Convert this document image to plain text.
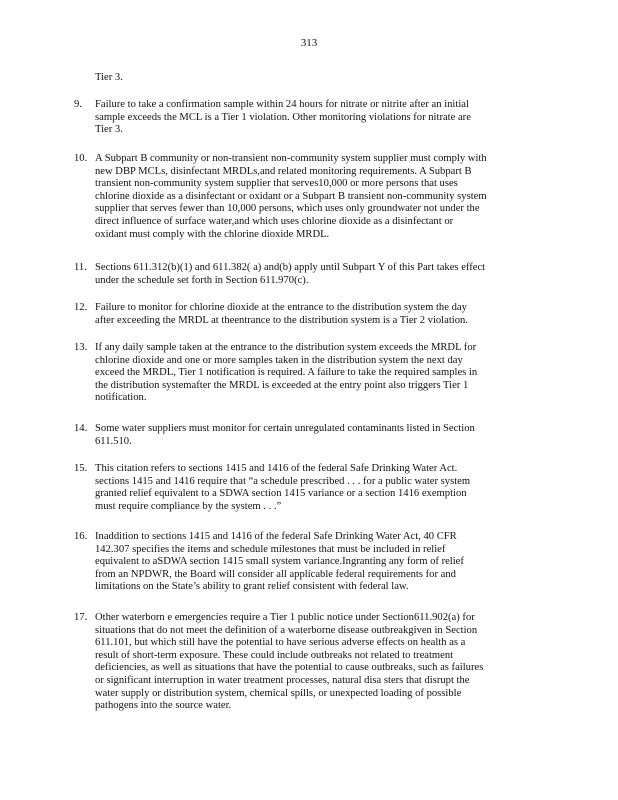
313
Tier 3.
9.	Failure to take a confirmation sample within 24 hours for nitrate or nitrite after an initial
sample exceeds the MCL is a Tier 1 violation. Other monitoring violations for nitrate are
Tier 3.
10. A Subpart B community or non-transient non-community system supplier must comply with
new DBP MCLs, disinfectant MRDLs,and related monitoring requirements. A Subpart B
transient non-community system supplier that serves10,000 or more persons that uses
chlorine dioxide as a disinfectant or oxidant or a Subpart B transient non-community system
supplier that serves fewer than 10,000 persons, which uses only groundwater not under the
direct influence of surface water,and which uses chlorine dioxide as a disinfectant or
oxidant must comply with the chlorine dioxide MRDL.
11. Sections 611.312(b)(1) and 611.382( a) and(b) apply until Subpart Y of this Part takes effect
under the schedule set forth in Section 611.970(c).
12. Failure to monitor for chlorine dioxide at the entrance to the distribution system the day
after exceeding the MRDL at theentrance to the distribution system is a Tier 2 violation.
13. If any daily sample taken at the entrance to the distribution system exceeds the MRDL for
chlorine dioxide and one or more samples taken in the distribution system the next day
exceed the MRDL, Tier 1 notification is required. A failure to take the required samples in
the distribution systemafter the MRDL is exceeded at the entry point also triggers Tier 1
notification.
14. Some water suppliers must monitor for certain unregulated contaminants listed in Section
611.510.
15. This citation refers to sections 1415 and 1416 of the federal Safe Drinking Water Act.
sections 1415 and 1416 require that “a schedule prescribed . . . for a public water system
granted relief equivalent to a SDWA section 1415 variance or a section 1416 exemption
must require compliance by the system . . .”
16. Inaddition to sections 1415 and 1416 of the federal Safe Drinking Water Act, 40 CFR
142.307 specifies the items and schedule milestones that must be included in relief
equivalent to aSDWA section 1415 small system variance.Ingranting any form of relief
from an NPDWR, the Board will consider all applicable federal requirements for and
limitations on the State’s ability to grant relief consistent with federal law.
17. Other waterborn e emergencies require a Tier 1 public notice under Section611.902(a) for
situations that do not meet the definition of a waterborne disease outbreakgiven in Section
611.101, but which still have the potential to have serious adverse effects on health as a
result of short-term exposure. These could include outbreaks not related to treatment
deficiencies, as well as situations that have the potential to cause outbreaks, such as failures
or significant interruption in water treatment processes, natural disa sters that disrupt the
water supply or distribution system, chemical spills, or unexpected loading of possible
pathogens into the source water.
